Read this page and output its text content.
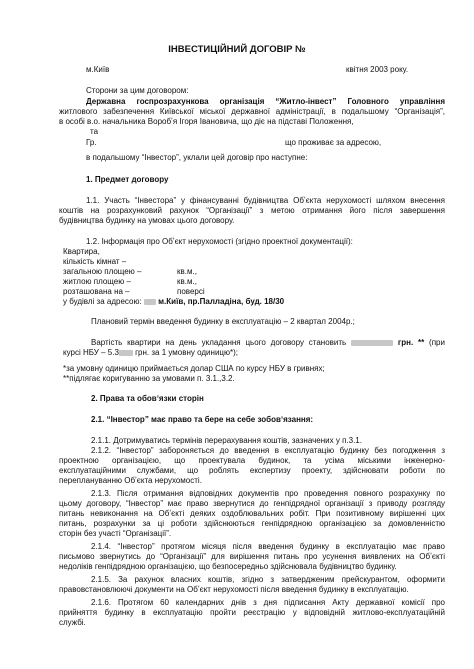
ІНВЕСТИЦІЙНИЙ ДОГОВІР №
м.Київ	квітня 2003 року.
Сторони за цим договором:
Державна госпрозрахункова організація “Житло-інвест” Головного управління
житлового забезпечення Київської міської державної адміністрації, в подальшому “Організація”,
в особі в.о. начальника Воробʼя Ігоря Івановича, що діє на підставі Положення,
та
Гр.	що проживає за адресою,
в подальшому “Інвестор”, уклали цей договір про наступне:
1. Предмет договору
1.1. Участь “Інвестора” у фінансуванні будівництва Обʼєкта нерухомості шляхом внесення
коштів на розрахунковий рахунок “Організації” з метою отримання його після завершення
будівництва будинку на умовах цього договору.
1.2. Інформація про Обʼєкт нерухомості (згідно проектної документації):
Квартира,
кількість кімнат –
загальною площею –	кв.м.,
житлою площею –	кв.м.,
розташована на –	поверсі
у будівлі за адресою: м.Київ, пр.Палладіна, буд. 18/30
Плановий термін введення будинку в експлуатацію – 2 квартал 2004р.;
Вартість квартири на день укладання цього договору становить	грн. ** (при
курсі НБУ – 5.3 грн. за 1 умовну одиницю*);
*за умовну одиницю приймається долар США по курсу НБУ в гривнях;
**підлягає коригуванню за умовами п. 3.1.,3.2.
2. Права та обовʼязки сторін
2.1. “Інвестор” має право та бере на себе зобовʼязання:
2.1.1. Дотримуватись термінів перерахування коштів, зазначених у п.3.1.
2.1.2. “Інвестор” забороняється до введення в експлуатацію будинку без погодження з
проектною організацією, що проектувала будинок, та усіма міськими інженерно-
експлуатаційними службами, що роблять експертизу проекту, здійснювати роботи по
переплануванню Обʼєкта нерухомості.
2.1.3. Після отримання відповідних документів про проведення повного розрахунку по
цьому договору, “Інвестор” має право звернутися до генпідрядної організації з приводу розгляду
питань невиконання на Обʼєкті деяких оздоблювальних робіт. При позитивному вирішенні цих
питань, розрахунки за ці роботи здійснюються генпідрядною організацією за домовленністю
сторін без участі “Організації”.
2.1.4. “Інвестор” протягом місяця після введення будинку в експлуатацію має право
письмово звернутись до “Організації” для вирішення питань про усунення виявлених на Обʼєкті
недоліків генпідрядною організацією, що безпосередньо здійснювала будівництво будинку.
2.1.5. За рахунок власних коштів, згідно з затвердженим прейскурантом, оформити
правовстановлюючі документи на Обʼєкт нерухомості після введення будинку в експлуатацію.
2.1.6. Протягом 60 календарних днів з дня підписання Акту державної комісії про
прийняття будинку в експлуатацію пройти реєстрацію у відповідній житлово-експлуатаційній
службі.
